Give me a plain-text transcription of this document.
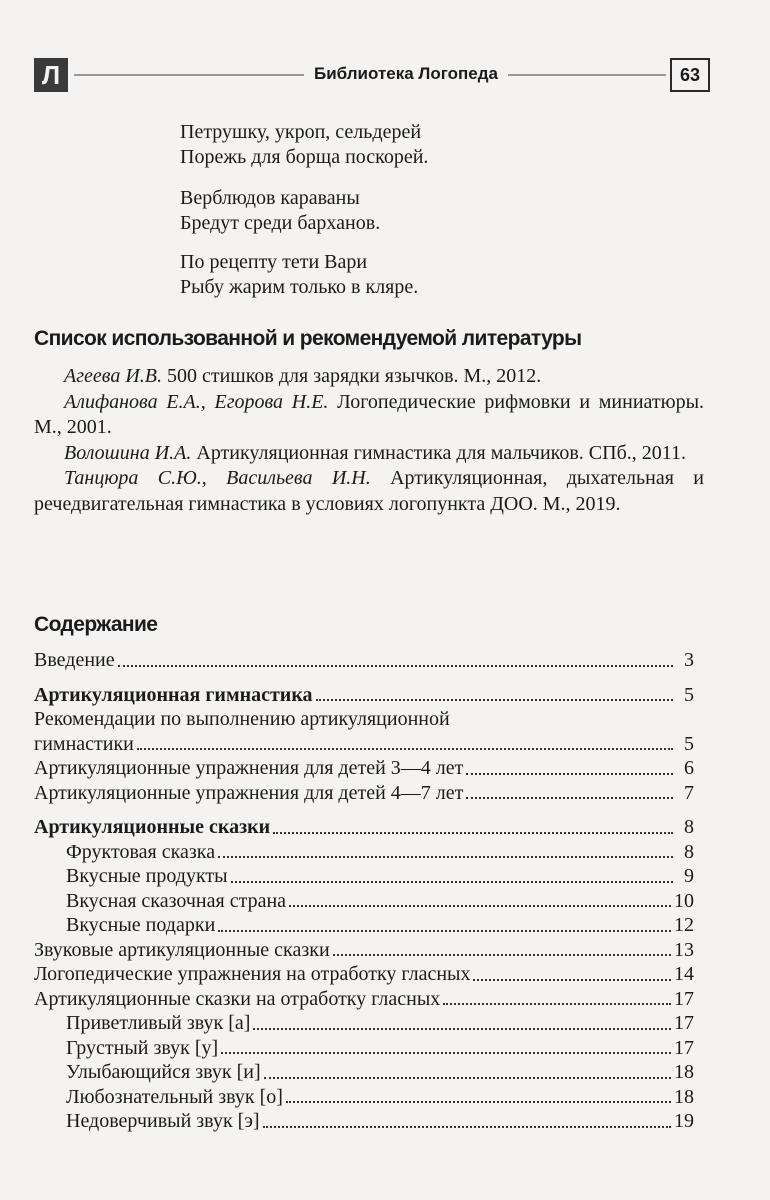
Л	Библиотека Логопеда	63
Петрушку, укроп, сельдерей
Порежь для борща поскорей.
Верблюдов караваны
Бредут среди барханов.
По рецепту тети Вари
Рыбу жарим только в кляре.
Список использованной и рекомендуемой литературы
Агеева И.В. 500 стишков для зарядки язычков. М., 2012.
Алифанова Е.А., Егорова Н.Е. Логопедические рифмовки и миниатюры. М., 2001.
Волошина И.А. Артикуляционная гимнастика для мальчиков. СПб., 2011.
Танцюра С.Ю., Васильева И.Н. Артикуляционная, дыхательная и речедвигательная гимнастика в условиях логопункта ДОО. М., 2019.
Содержание
Введение	3
Артикуляционная гимнастика	5
Рекомендации по выполнению артикуляционной
гимнастики	5
Артикуляционные упражнения для детей 3—4 лет	6
Артикуляционные упражнения для детей 4—7 лет	7
Артикуляционные сказки	8
Фруктовая сказка	8
Вкусные продукты	9
Вкусная сказочная страна	10
Вкусные подарки	12
Звуковые артикуляционные сказки	13
Логопедические упражнения на отработку гласных	14
Артикуляционные сказки на отработку гласных	17
Приветливый звук [а]	17
Грустный звук [у]	17
Улыбающийся звук [и]	18
Любознательный звук [о]	18
Недоверчивый звук [э]	19
